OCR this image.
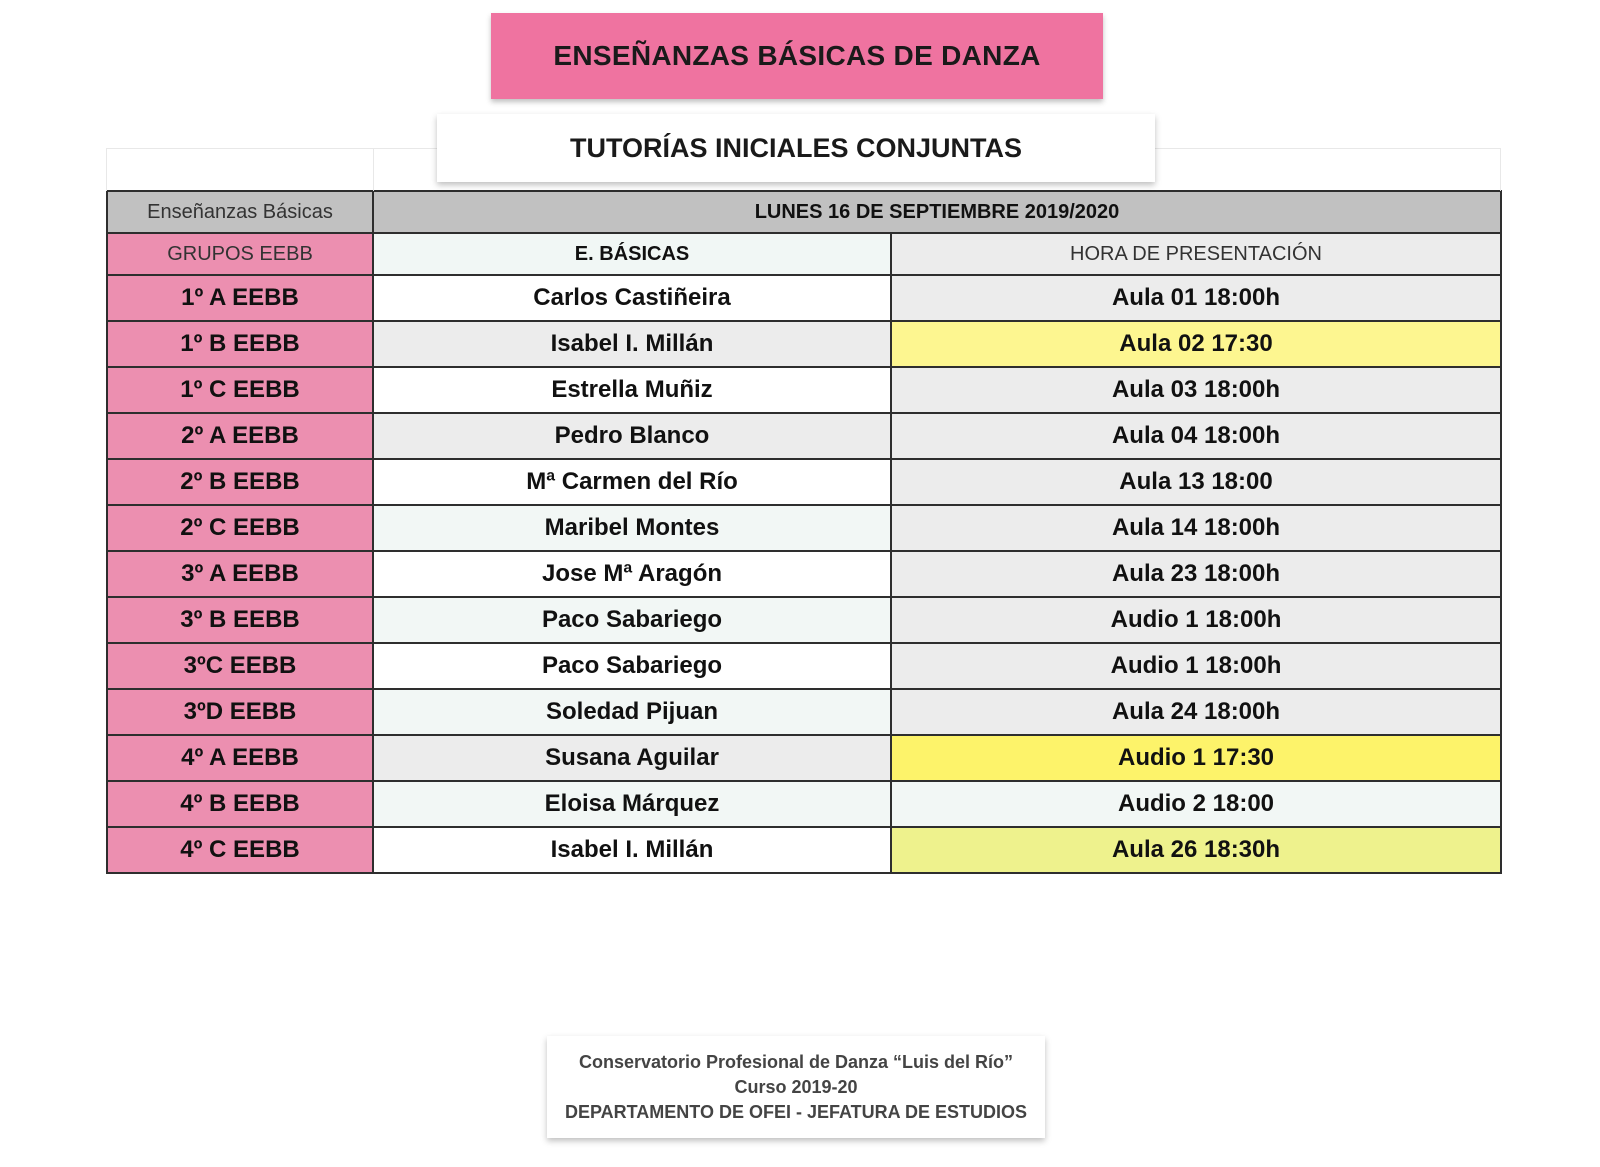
ENSEÑANZAS BÁSICAS DE DANZA
TUTORÍAS INICIALES CONJUNTAS
Enseñanzas Básicas	LUNES 16 DE SEPTIEMBRE 2019/2020	
GRUPOS EEBB	E. BÁSICAS	HORA DE PRESENTACIÓN
1º A EEBB	Carlos Castiñeira	Aula 01 18:00h
1º B EEBB	Isabel I. Millán	Aula 02 17:30
1º C EEBB	Estrella Muñiz	Aula 03 18:00h
2º A EEBB	Pedro Blanco	Aula 04 18:00h
2º B EEBB	Mª Carmen del Río	Aula 13 18:00
2º C EEBB	Maribel Montes	Aula 14 18:00h
3º A EEBB	Jose Mª Aragón	Aula 23 18:00h
3º B EEBB	Paco Sabariego	Audio 1 18:00h
3ºC EEBB	Paco Sabariego	Audio 1 18:00h
3ºD EEBB	Soledad Pijuan	Aula 24 18:00h
4º A EEBB	Susana Aguilar	Audio 1 17:30
4º B EEBB	Eloisa Márquez	Audio 2 18:00
4º C EEBB	Isabel I. Millán	Aula 26 18:30h
Conservatorio Profesional de Danza “Luis del Río”
Curso 2019-20
DEPARTAMENTO DE OFEI - JEFATURA DE ESTUDIOS
